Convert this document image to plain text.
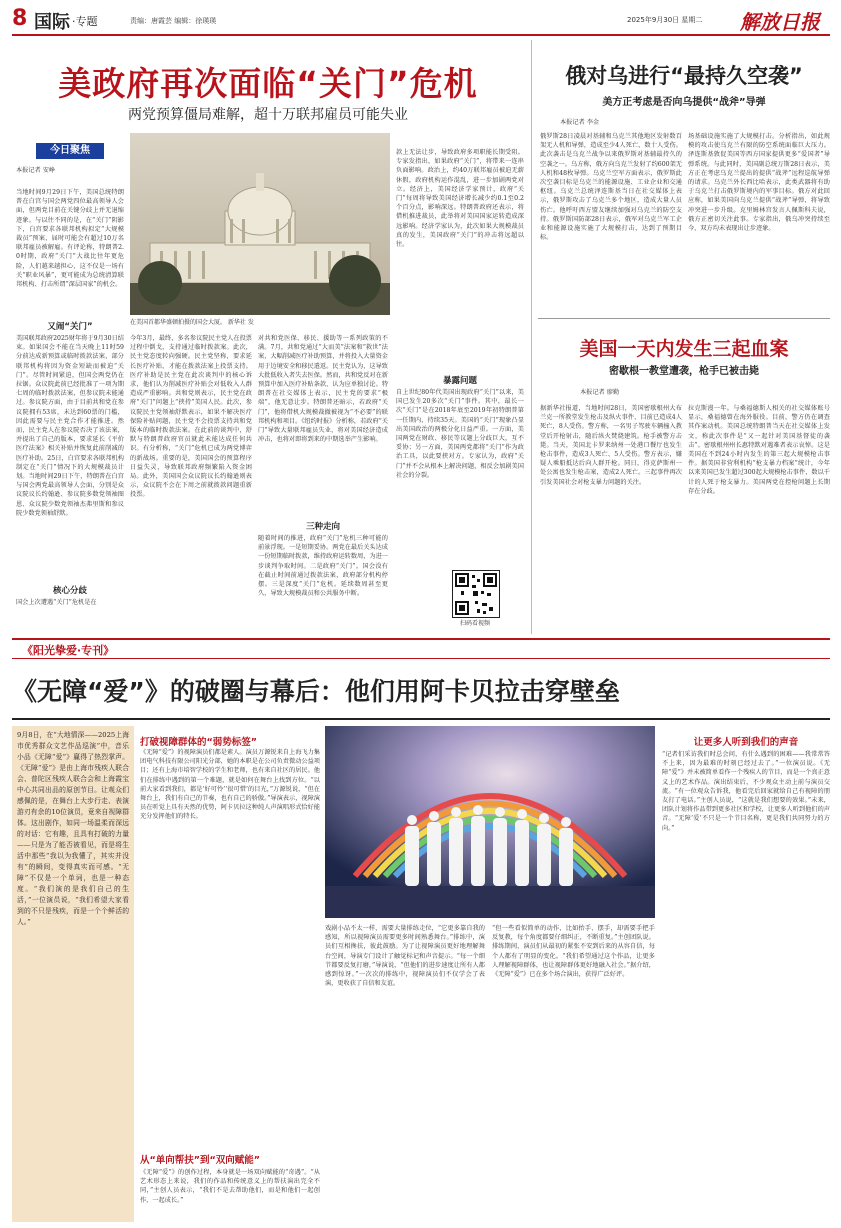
8 国际 ·专题	责编：唐霞芸 编辑：徐瑛瑛	2025年9月30日 星期二 解放日报
美政府再次面临“关门”危机
两党预算僵局难解，超十万联邦雇员可能失业
今日聚焦
本报记者 安峥
当地时间9月29日下午，美国总统特朗普在白宫与国会两党四位最高领导人会面，但两党目前在关键分歧上并无退缩迹象。与以往不同的是，在“关门”阴影下，白宫要求各联邦机构拟定“大规模裁员”预案，届时可能会有超过10万名联邦雇员被解雇。有评论称，特朗普2.0时期，政府“关门”大战比往年更危险，人们越来越担心，这不仅是一场有关“职业风暴”，更可能成为总统清算联邦机构、打击所谓“深层国家”的机会。
又闹“关门”
美国联邦政府2025财年将于9月30日结束。如果国会不能在当天晚上11时59分前达成新预算或临时拨款法案，部分联邦机构将因为资金短缺而被迫“关门”。尽管时间紧迫，但国会两党仍在拉锯。众议院此前已经批准了一项为期七周的临时拨款法案，但参议院未能通过。参议院方面，由于目前共和党在参议院拥有53席，未达到60票的门槛，因此需要与民主党合作才能推进。然而，民主党人在参议院否决了该法案，并提出了自己的版本，要求延长《平价医疗法案》相关补贴并恢复此前削减的医疗补助。25日，白宫要求各联邦机构制定在“关门”情况下的大规模裁员计划。当地时间29日下午，特朗普在白宫与国会两党最高领导人会面，分别是众议院议长约翰逊、参议院多数党领袖图恩、众议院少数党领袖杰弗里斯和参议院少数党领袖舒默。
核心分歧
国会上次遭遇“关门”危机是在
在美国首都华盛顿拍摄的国会大厦。 新华社 发
今年3月，最终，多名参议院民主党人在投票过程中倒戈，支持通过临时拨款案。此次，民主党态度转向强硬。民主党坚称，要求延长医疗补贴，才能在拨款法案上投票支持。医疗补助是民主党在此次谈判中的核心诉求，他们认为削减医疗补贴会对低收入人群造成严重影响。共和党则表示，民主党在政府“关门”问题上“挟持”美国人民。此次，参议院民主党领袖舒默表示，如果不解决医疗保险补贴问题，民主党不会投票支持共和党版本的临时拨款法案。在此前的谈判中，舒默与特朗普政府官员就此未能达成任何共识。有分析称，“关门”危机已成为两党博弈的新战场。重要的是，美国国会的预算程序日益失灵，导致联邦政府频繁陷入资金困局。此外，美国国会众议院议长约翰逊则表示，众议院不会在下周之前就拨款问题重新投票。
对共和党医保、移民、援助等一系列政策的不满。7月，共和党通过“大而美”法案和“救世”法案，大幅削减医疗补助预算，并将投入大量资金用于边境安全和移民遣返。民主党认为，这导致大批低收入者失去医保。然而，共和党反对在新预算中加入医疗补贴条款，认为应单独讨论。特朗普在社交媒体上表示，民主党的要求“极端”，他无意让步。特朗普还暗示，若政府“关门”，他将借机大规模裁撤被视为“不必要”的联邦机构和项目。《纽约时报》分析称，若政府“关门”导致大量联邦雇员失业，将对美国经济造成冲击，也将对即将到来的中期选举产生影响。
三种走向
随着时间的推进，政府“关门”危机三种可能的前景浮现。一是短期妥协。两党在最后关头达成一份短期临时拨款，维持政府运转数周，为进一步谈判争取时间。二是政府“关门”。国会没有在截止时间前通过拨款法案，政府部分机构停摆。三是深度“关门”危机。延续数周甚至更久，导致大规模裁员和公共服务中断。
款上无法让步，导致政府多项职能长期受阻。专家发指出，如果政府“关门”，将带来一连串负面影响。政治上，约40万联邦雇员被迫无薪休假，政府机构运作混乱，进一步加剧两党对立。经济上，美国经济学家预计，政府“关门”每周将导致美国经济增长减少约0.1至0.2个百分点，影响深远。特朗普政府还表示，将借机推进裁员，此举将对美国国家运转造成深远影响。经济学家认为，此次如果大规模裁员真的发生，美国政府“关门”的冲击将远超以往。
暴露问题
自上世纪80年代美国出现政府“关门”以来，美国已发生20多次“关门”事件。其中，最长一次“关门”是在2018年底至2019年初特朗普第一任期内，持续35天。美国的“关门”现象凸显出美国政治的两极分化日益严重。一方面，美国两党在财政、移民等议题上分歧巨大，互不妥协；另一方面，美国两党都将“关门”作为政治工具，以此要挟对方。专家认为，政府“关门”并不会从根本上解决问题，相反会加剧美国社会的分裂。
扫码看视频
俄对乌进行“最持久空袭”
美方正考虑是否向乌提供“战斧”导弹
本报记者 李金
俄罗斯28日凌晨对基辅和乌克兰其他地区发射数百架无人机和导弹，造成至少4人死亡，数十人受伤。此次袭击是乌克兰战争以来俄罗斯对基辅最持久的空袭之一。乌方称，俄方向乌克兰发射了约600架无人机和48枚导弹。乌克兰空军方面表示，俄罗斯此次空袭目标是乌克兰的能源设施、工业企业和交通枢纽。乌克兰总统泽连斯基当日在社交媒体上表示，俄罗斯攻击了乌克兰多个地区，造成大量人员伤亡。他呼吁西方盟友继续加强对乌克兰的防空支持。俄罗斯国防部28日表示，俄军对乌克兰军工企业和能源设施实施了大规模打击，达到了预期目标。
场基础设施实施了大规模打击。分析指出，如此规模的攻击使乌克兰有限的防空系统面临巨大压力。泽连斯基敦促美国等西方国家提供更多“爱国者”导弹系统。与此同时，美国副总统万斯28日表示，美方正在考虑乌克兰提出的提供“战斧”远程巡航导弹的请求。乌克兰外长西比哈表示，此类武器将有助于乌克兰打击俄罗斯境内的军事目标。俄方对此回应称，如果美国向乌克兰提供“战斧”导弹，将导致冲突进一步升级。克里姆林宫发言人佩斯科夫说，俄方正密切关注此事。专家指出，俄乌冲突持续至今，双方均未表现出让步迹象。
美国一天内发生三起血案
密歇根一教堂遭袭，枪手已被击毙
本报记者 廖勤
据新华社报道，当地时间28日，美国密歇根州大布兰克一所教堂发生枪击及纵火事件，目前已造成4人死亡，8人受伤。警方称，一名男子驾驶车辆撞入教堂后开枪射击，随后纵火焚烧建筑。枪手被警方击毙。当天，美国北卡罗来纳州一处港口餐厅也发生枪击事件，造成3人死亡、5人受伤。警方表示，嫌疑人乘船抵达后向人群开枪。同日，得克萨斯州一处公寓也发生枪击案，造成2人死亡。三起事件再次引发美国社会对枪支暴力问题的关注。
拉克斯漫一年。与桑福德斯人相关的社交媒体账号显示，桑福德曾在海外服役。目前，警方仍在调查其作案动机。美国总统特朗普当天在社交媒体上发文，称此次事件是“又一起针对美国基督徒的袭击”。密歇根州州长惠特默对遇难者表示哀悼。这是美国在不到24小时内发生的第三起大规模枪击事件。据美国非营利机构“枪支暴力档案”统计，今年以来美国已发生超过300起大规模枪击事件，数以千计的人死于枪支暴力。美国两党在控枪问题上长期存在分歧。
《阳光挚爱·专刊》
《无障“爱”》的破圈与幕后：他们用阿卡贝拉击穿壁垒
9月8日，在“大地情深——2025上海市优秀群众文艺作品巡演”中，音乐小品《无障“爱”》赢得了热烈掌声。《无障“爱”》是由上海市残疾人联合会、普陀区残疾人联合会和上海霞宝中心共同出品的原创节目。让观众们感佩的是，在舞台上大步行走、表演游刃有余的10位演员，竟来自视障群体。这出剧作，如同一场温柔而深远的对话：它有趣，且具有打破的力量——只是为了能否被看见，而是将生活中那些“我以为我懂了，其实并没有”的瞬间，变得真实而可感。“无障”不仅是一个单词，也是一种态度。“我们演的是我们自己的生活，”一位演员说，“我们希望大家看到的不只是残疾，而是一个个鲜活的人。”
打破视障群体的“弱势标签”
《无障“爱”》的视障演员们都是素人。演员万源锐来自上海飞力集团电气科技有限公司阳光分部，她的本职是在公司负责微动公益项目；还有上海市培智学校的学生和老师，也有来自社区的居民。他们在排练中遇到的第一个难题，就是如何在舞台上找到方位。“以前大家看到我们，都是‘好可怜’‘很可惜’的目光，”万源锐说，“但在舞台上，我们有自己的节奏，也有自己的骄傲。”导演表示，视障演员在听觉上具有天然的优势，阿卡贝拉这种纯人声演唱形式恰好能充分发挥他们的特长。
从“单向帮扶”到“双向赋能”
《无障“爱”》的创作过程，本身就是一场双向赋能的“奇遇”。“从艺术形态上来说，我们的作品和传统意义上的帮扶演出完全不同，”主创人员表示，“我们不是去帮助他们，而是和他们一起创作，一起成长。”
戏剧小品不太一样，需要大量排练走位，“它更多靠自我的感知，所以视障演员需要更多时间熟悉舞台。”排练中，演员们互相搀扶，彼此鼓励。为了让视障演员更好地理解舞台空间，导演专门设计了触觉标记和声音提示。“每一个细节都要反复打磨，”导演说，“但他们的进步速度让所有人都感到惊讶。”一次次的排练中，视障演员们不仅学会了表演，更收获了自信和友谊。
“但一些看似简单的动作，比如抬手、摆手，却需要手把手反复教，每个角度都要仔细纠正，不断重复。”主创团队说。排练期间，演员们从最初的紧张不安到后来的从容自信，每个人都有了明显的变化。“我们希望通过这个作品，让更多人理解视障群体，也让视障群体更好地融入社会。”据介绍，《无障“爱”》已在多个场合演出，获得广泛好评。
让更多人听到我们的声音
“记者们采访我们时总会问，有什么遇到的困难——我常常答不上来，因为最难的时刻已经过去了。”一位演员说。《无障“爱”》并未被简单看作一个残疾人的节目，而是一个真正意义上的艺术作品。演出结束后，不少观众主动上前与演员交流。“有一位观众告诉我，他看完后回家就给自己有视障的朋友打了电话。”主创人员说，“这就是我们想要的效果。”未来，团队计划将作品带到更多社区和学校，让更多人听到他们的声音。“无障‘爱’不只是一个节目名称，更是我们共同努力的方向。”
